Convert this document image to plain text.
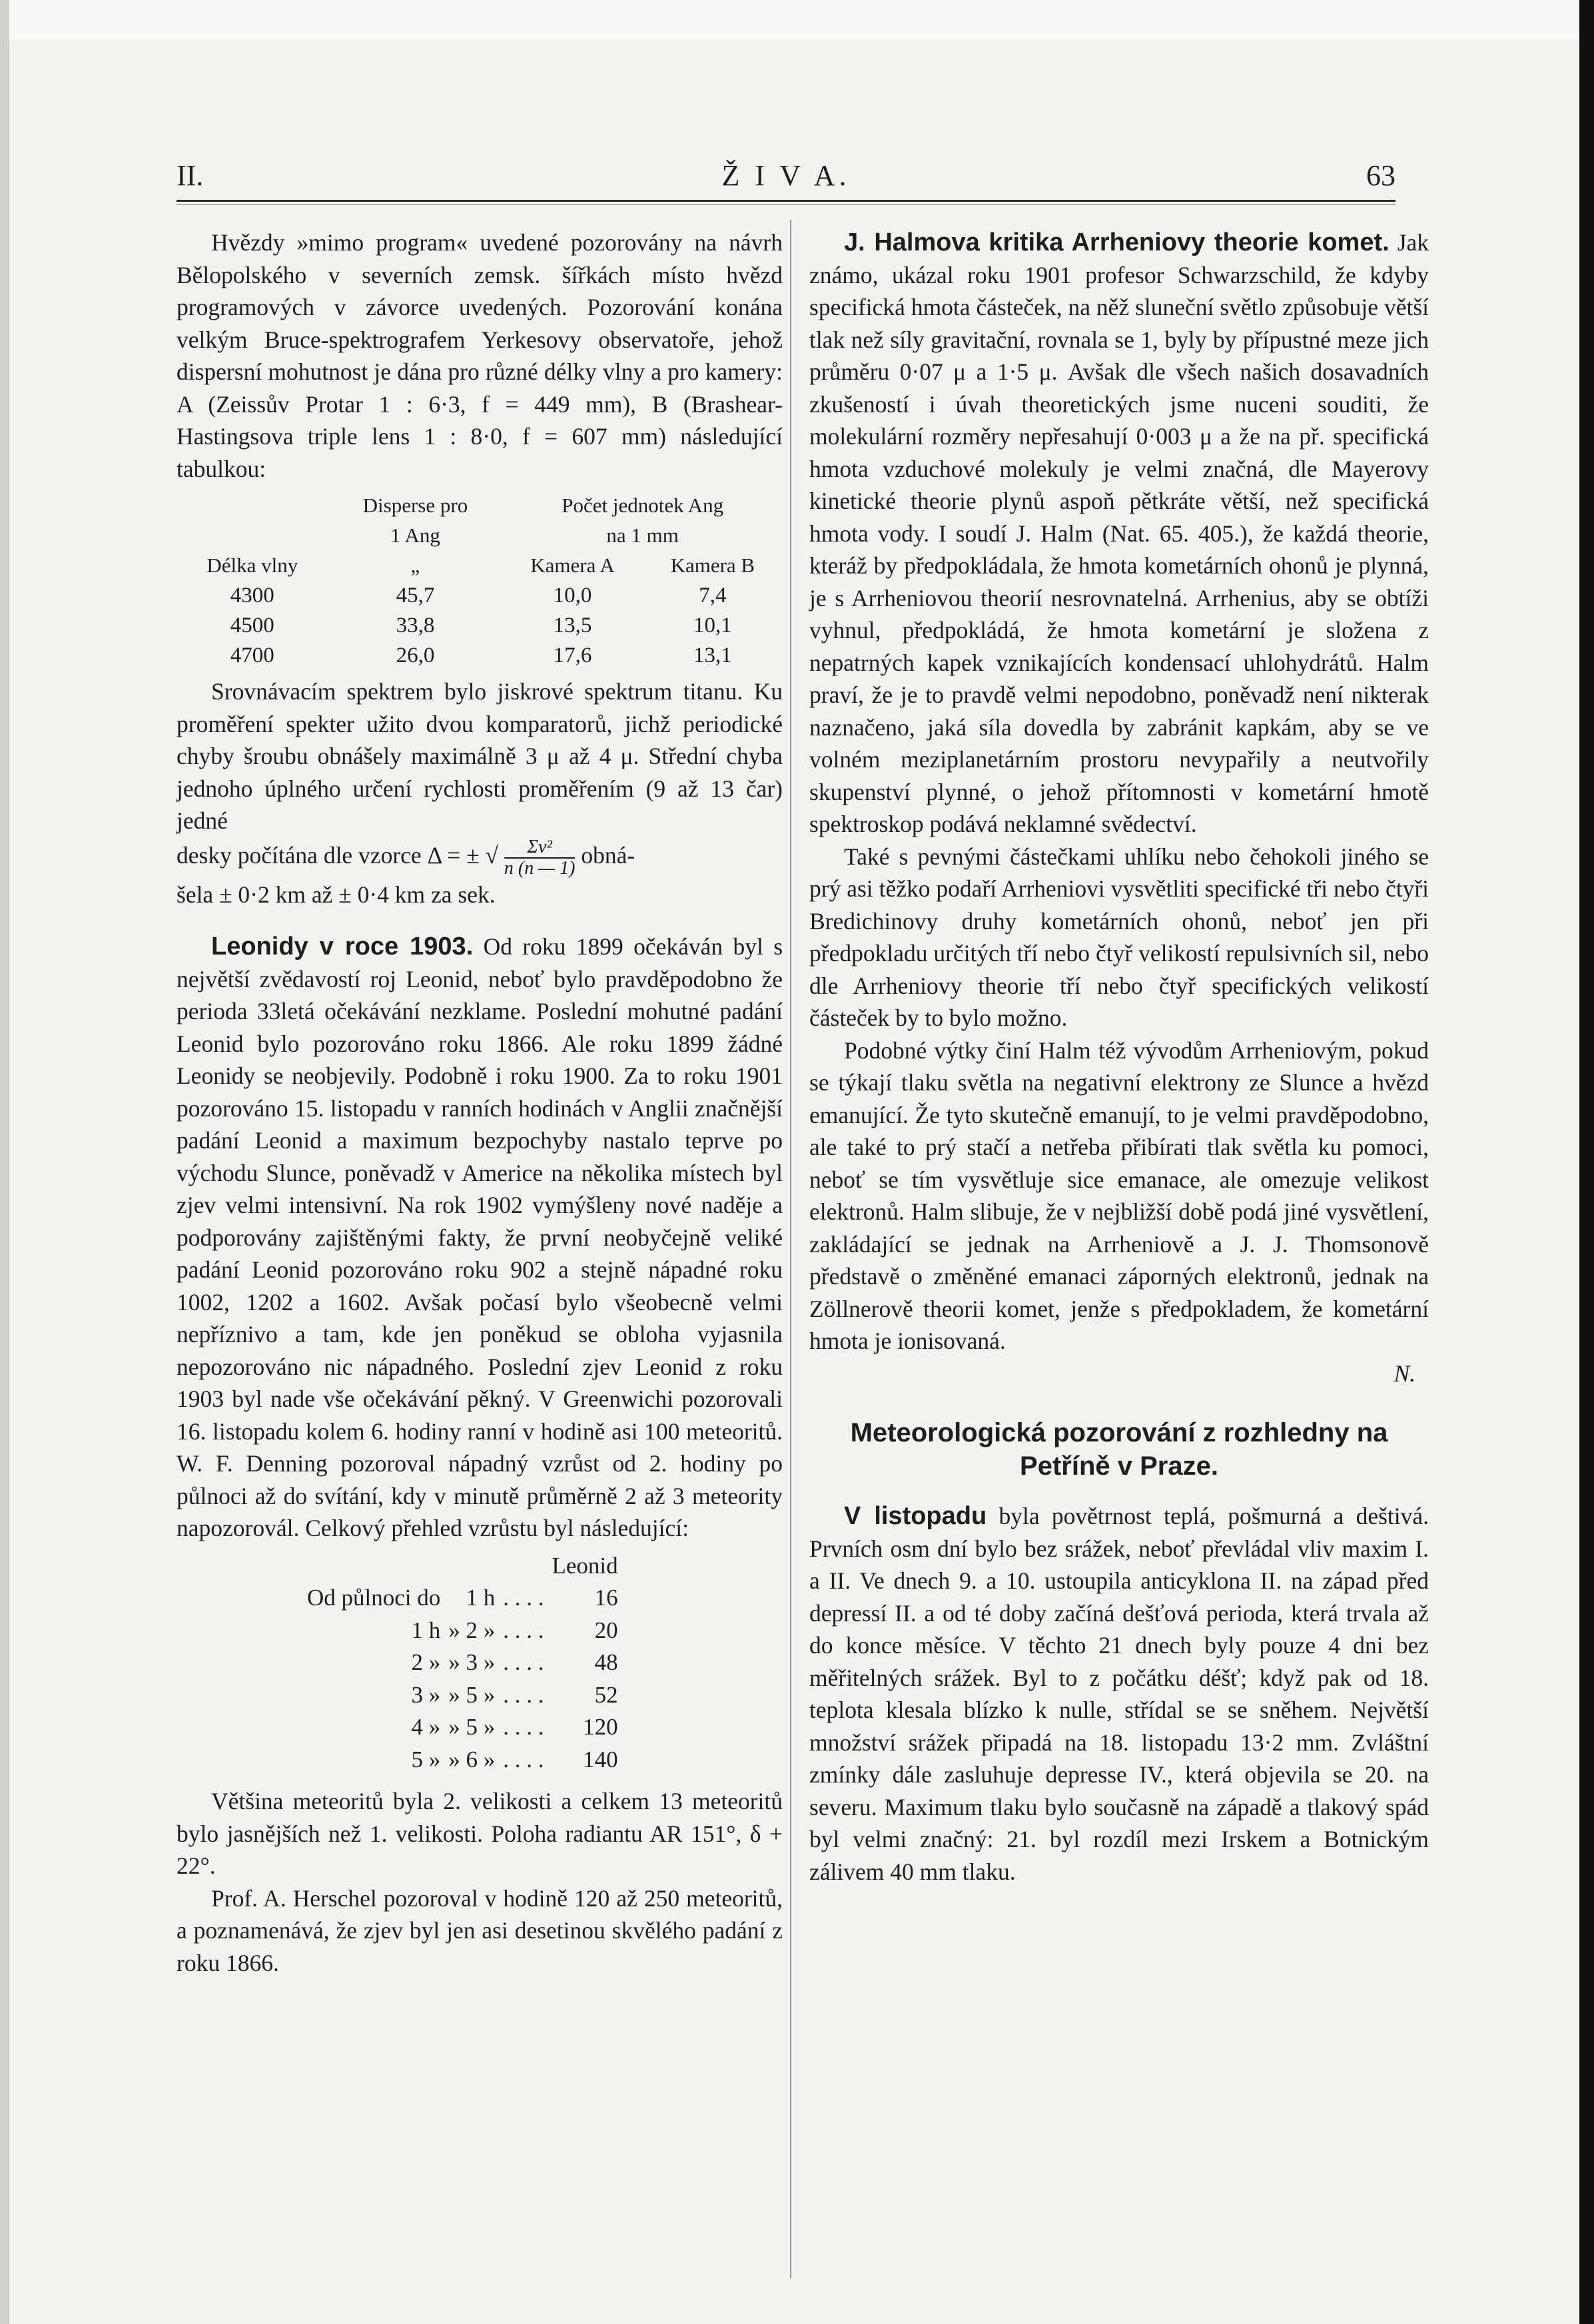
Ž I V A.
II.	63

Hvězdy »mimo program« uvedené pozorovány na návrh Bělopolského v severních zemsk. šířkách místo hvězd programových v závorce uvedených. Pozorování konána velkým Bruce-spektrografem Yerkesovy observatoře, jehož dispersní mohutnost je dána pro různé délky vlny a pro kamery: A (Zeissův Protar 1 : 6·3, f = 449 mm), B (Brashear-Hastingsova triple lens 1 : 8·0, f = 607 mm) následující tabulkou:

	Disperse pro	Počet jednotek Ang	
	1 Ang	na 1 mm	
Délka vlny	„	Kamera A	Kamera B
4300	45,7	10,0	7,4
4500	33,8	13,5	10,1
4700	26,0	17,6	13,1

Srovnávacím spektrem bylo jiskrové spektrum titanu. Ku proměření spekter užito dvou komparatorů, jichž periodické chyby šroubu obnášely maximálně 3 μ až 4 μ. Střední chyba jednoho úplného určení rychlosti proměřením (9 až 13 čar) jedné

desky počítána dle vzorce Δ = ± √ $\frac{\text{Σv²}}{n (n — 1)}$ obná-

šela ± 0·2 km až ± 0·4 km za sek.

Leonidy v roce 1903. Od roku 1899 očekáván byl s největší zvědavostí roj Leonid, neboť bylo pravděpodobno že perioda 33letá očekávání nezklame. Poslední mohutné padání Leonid bylo pozorováno roku 1866. Ale roku 1899 žádné Leonidy se neobjevily. Podobně i roku 1900. Za to roku 1901 pozorováno 15. listopadu v ranních hodinách v Anglii značnější padání Leonid a maximum bezpochyby nastalo teprve po východu Slunce, poněvadž v Americe na několika místech byl zjev velmi intensivní. Na rok 1902 vymýšleny nové naděje a podporovány zajištěnými fakty, že první neobyčejně veliké padání Leonid pozorováno roku 902 a stejně nápadné roku 1002, 1202 a 1602. Avšak počasí bylo všeobecně velmi nepříznivo a tam, kde jen poněkud se obloha vyjasnila nepozorováno nic nápadného. Poslední zjev Leonid z roku 1903 byl nade vše očekávání pěkný. V Greenwichi pozorovali 16. listopadu kolem 6. hodiny ranní v hodině asi 100 meteoritů. W. F. Denning pozoroval nápadný vzrůst od 2. hodiny po půlnoci až do svítání, kdy v minutě průměrně 2 až 3 meteority napozorovál. Celkový přehled vzrůstu byl následující:

			Leonid
Od půlnoci do	1 h	. . . .	16
1 h	» 2 »	. . . .	20
2 »	» 3 »	. . . .	48
3 »	» 5 »	. . . .	52
4 »	» 5 »	. . . .	120
5 »	» 6 »	. . . .	140

Většina meteoritů byla 2. velikosti a celkem 13 meteoritů bylo jasnějších než 1. velikosti. Poloha radiantu AR 151°, δ + 22°.

Prof. A. Herschel pozoroval v hodině 120 až 250 meteoritů, a poznamenává, že zjev byl jen asi desetinou skvělého padání z roku 1866.

J. Halmova kritika Arrheniovy theorie komet. Jak známo, ukázal roku 1901 profesor Schwarzschild, že kdyby specifická hmota částeček, na něž sluneční světlo způsobuje větší tlak než síly gravitační, rovnala se 1, byly by přípustné meze jich průměru 0·07 μ a 1·5 μ. Avšak dle všech našich dosavadních zkušeností i úvah theoretických jsme nuceni souditi, že molekulární rozměry nepřesahují 0·003 μ a že na př. specifická hmota vzduchové molekuly je velmi značná, dle Mayerovy kinetické theorie plynů aspoň pětkráte větší, než specifická hmota vody. I soudí J. Halm (Nat. 65. 405.), že každá theorie, kteráž by předpokládala, že hmota kometárních ohonů je plynná, je s Arrheniovou theorií nesrovnatelná. Arrhenius, aby se obtíži vyhnul, předpokládá, že hmota kometární je složena z nepatrných kapek vznikajících kondensací uhlohydrátů. Halm praví, že je to pravdě velmi nepodobno, poněvadž není nikterak naznačeno, jaká síla dovedla by zabránit kapkám, aby se ve volném meziplanetárním prostoru nevypařily a neutvořily skupenství plynné, o jehož přítomnosti v kometární hmotě spektroskop podává neklamné svědectví.

Také s pevnými částečkami uhlíku nebo čehokoli jiného se prý asi těžko podaří Arrheniovi vysvětliti specifické tři nebo čtyři Bredichinovy druhy kometárních ohonů, neboť jen při předpokladu určitých tří nebo čtyř velikostí repulsivních sil, nebo dle Arrheniovy theorie tří nebo čtyř specifických velikostí částeček by to bylo možno.

Podobné výtky činí Halm též vývodům Arrheniovým, pokud se týkají tlaku světla na negativní elektrony ze Slunce a hvězd emanující. Že tyto skutečně emanují, to je velmi pravděpodobno, ale také to prý stačí a netřeba přibírati tlak světla ku pomoci, neboť se tím vysvětluje sice emanace, ale omezuje velikost elektronů. Halm slibuje, že v nejbližší době podá jiné vysvětlení, zakládající se jednak na Arrheniově a J. J. Thomsonově představě o změněné emanaci záporných elektronů, jednak na Zöllnerově theorii komet, jenže s předpokladem, že kometární hmota je ionisovaná.

N.

Meteorologická pozorování z rozhledny na Petříně v Praze.

V listopadu byla povětrnost teplá, pošmurná a deštivá. Prvních osm dní bylo bez srážek, neboť převládal vliv maxim I. a II. Ve dnech 9. a 10. ustoupila anticyklona II. na západ před depressí II. a od té doby začíná dešťová perioda, která trvala až do konce měsíce. V těchto 21 dnech byly pouze 4 dni bez měřitelných srážek. Byl to z počátku déšť; když pak od 18. teplota klesala blízko k nulle, střídal se se sněhem. Největší množství srážek připadá na 18. listopadu 13·2 mm. Zvláštní zmínky dále zasluhuje depresse IV., která objevila se 20. na severu. Maximum tlaku bylo současně na západě a tlakový spád byl velmi značný: 21. byl rozdíl mezi Irskem a Botnickým zálivem 40 mm tlaku.
